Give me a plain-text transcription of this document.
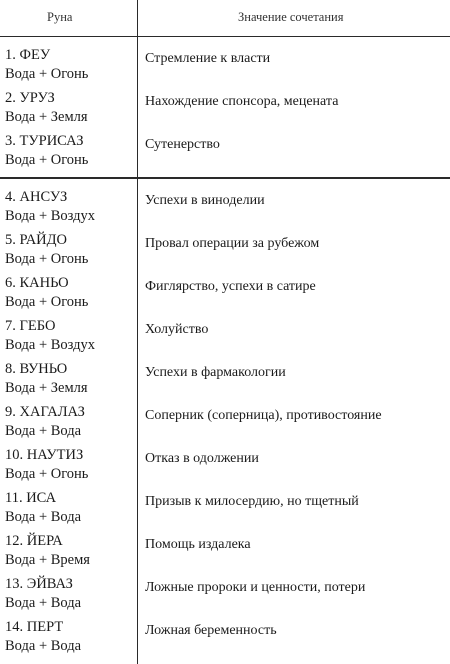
Руна	Значение сочетания
1. ФЕУ
Вода + Огонь
Стремление к власти
2. УРУЗ
Вода + Земля
Нахождение спонсора, мецената
3. ТУРИСАЗ
Вода + Огонь
Сутенерство
4. АНСУЗ
Вода + Воздух
Успехи в виноделии
5. РАЙДО
Вода + Огонь
Провал операции за рубежом
6. КАНЬО
Вода + Огонь
Фиглярство, успехи в сатире
7. ГЕБО
Вода + Воздух
Холуйство
8. ВУНЬО
Вода + Земля
Успехи в фармакологии
9. ХАГАЛАЗ
Вода + Вода
Соперник (соперница), противостояние
10. НАУТИЗ
Вода + Огонь
Отказ в одолжении
11. ИСА
Вода + Вода
Призыв к милосердию, но тщетный
12. ЙЕРА
Вода + Время
Помощь издалека
13. ЭЙВАЗ
Вода + Вода
Ложные пророки и ценности, потери
14. ПЕРТ
Вода + Вода
Ложная беременность
